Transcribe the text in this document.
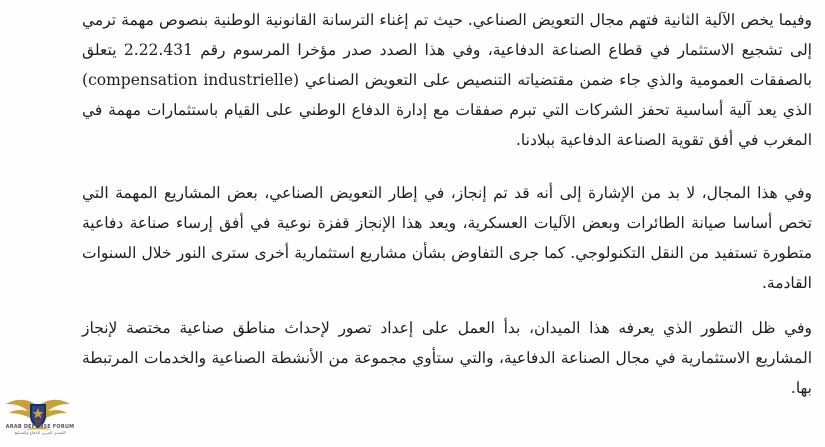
وفيما يخص الآلية الثانية فتهم مجال التعويض الصناعي. حيث تم إغناء الترسانة القانونية الوطنية بنصوص مهمة ترمي إلى تشجيع الاستثمار في قطاع الصناعة الدفاعية، وفي هذا الصدد صدر مؤخرا المرسوم رقم 2.22.431 يتعلق بالصفقات العمومية والذي جاء ضمن مقتضياته التنصيص على التعويض الصناعي (compensation industrielle) الذي يعد آلية أساسية تحفز الشركات التي تبرم صفقات مع إدارة الدفاع الوطني على القيام باستثمارات مهمة في المغرب في أفق تقوية الصناعة الدفاعية ببلادنا.

وفي هذا المجال، لا بد من الإشارة إلى أنه قد تم إنجاز، في إطار التعويض الصناعي، بعض المشاريع المهمة التي تخص أساسا صيانة الطائرات وبعض الآليات العسكرية، ويعد هذا الإنجاز قفزة نوعية في أفق إرساء صناعة دفاعية متطورة تستفيد من النقل التكنولوجي. كما جرى التفاوض بشأن مشاريع استثمارية أخرى سترى النور خلال السنوات القادمة.

وفي ظل التطور الذي يعرفه هذا الميدان، بدأ العمل على إعداد تصور لإحداث مناطق صناعية مختصة لإنجاز المشاريع الاستثمارية في مجال الصناعة الدفاعية، والتي ستأوي مجموعة من الأنشطة الصناعية والخدمات المرتبطة بها.

ARAB DEFENSE FORUM
المنتدى العربي للدفاع والتسليح
